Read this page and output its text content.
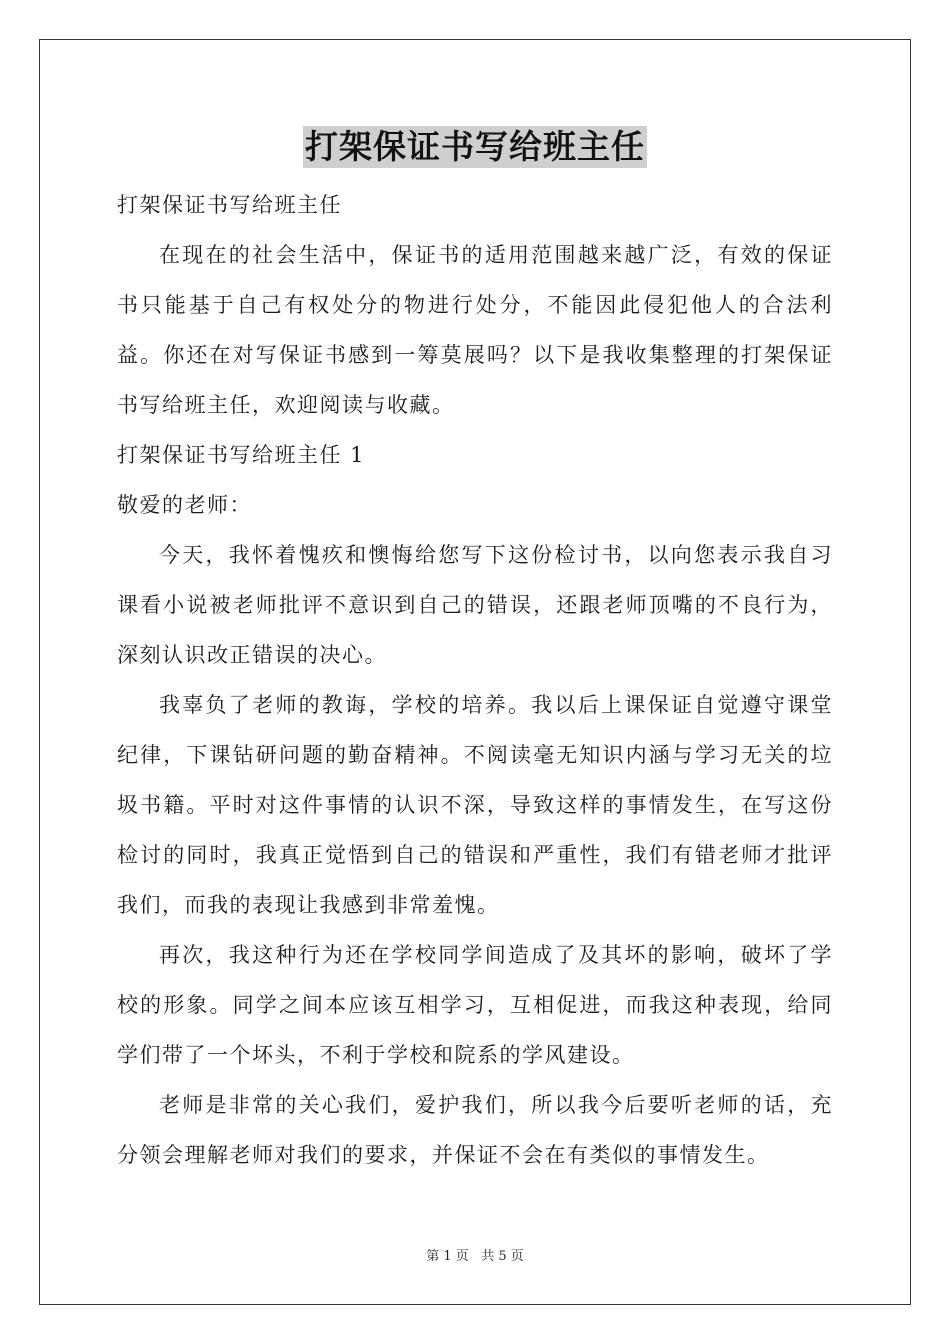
打架保证书写给班主任

打架保证书写给班主任

在现在的社会生活中，保证书的适用范围越来越广泛，有效的保证书只能基于自己有权处分的物进行处分，不能因此侵犯他人的合法利益。你还在对写保证书感到一筹莫展吗？以下是我收集整理的打架保证书写给班主任，欢迎阅读与收藏。

打架保证书写给班主任 1

敬爱的老师：

今天，我怀着愧疚和懊悔给您写下这份检讨书，以向您表示我自习课看小说被老师批评不意识到自己的错误，还跟老师顶嘴的不良行为，深刻认识改正错误的决心。

我辜负了老师的教诲，学校的培养。我以后上课保证自觉遵守课堂纪律，下课钻研问题的勤奋精神。不阅读毫无知识内涵与学习无关的垃圾书籍。平时对这件事情的认识不深，导致这样的事情发生，在写这份检讨的同时，我真正觉悟到自己的错误和严重性，我们有错老师才批评我们，而我的表现让我感到非常羞愧。

再次，我这种行为还在学校同学间造成了及其坏的影响，破坏了学校的形象。同学之间本应该互相学习，互相促进，而我这种表现，给同学们带了一个坏头，不利于学校和院系的学风建设。

老师是非常的关心我们，爱护我们，所以我今后要听老师的话，充分领会理解老师对我们的要求，并保证不会在有类似的事情发生。

第 1 页   共 5 页
